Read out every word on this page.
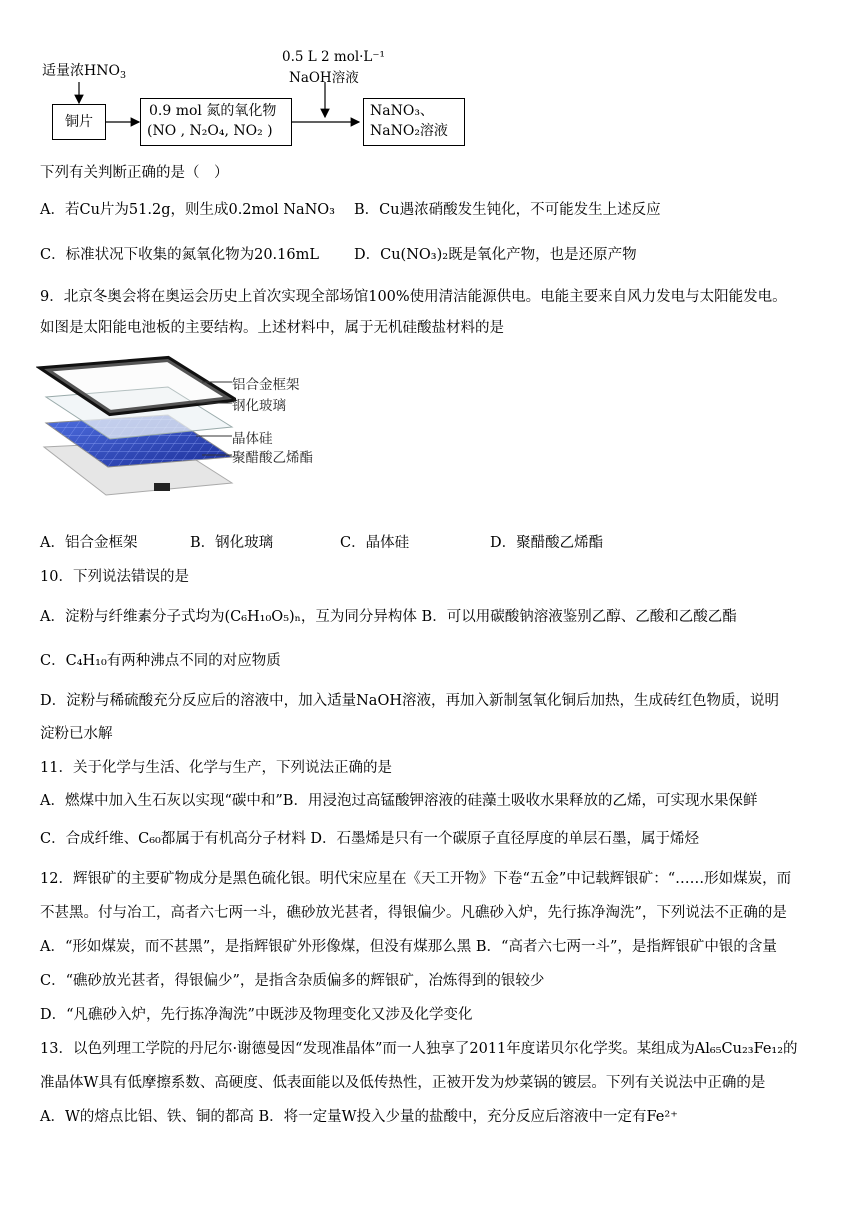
适量浓$HNO_3$
铜片
0.9 mol 氮的氧化物
(NO , N₂O₄, NO₂ )
0.5 L 2 mol·L⁻¹
NaOH溶液
NaNO₃、
NaNO₂溶液
下列有关判断正确的是（　）
A．若Cu片为51.2g，则生成0.2mol NaNO₃ B．Cu遇浓硝酸发生钝化，不可能发生上述反应
C．标准状况下收集的氮氧化物为20.16mL D．Cu(NO₃)₂既是氧化产物，也是还原产物
9．北京冬奥会将在奥运会历史上首次实现全部场馆100%使用清洁能源供电。电能主要来自风力发电与太阳能发电。
如图是太阳能电池板的主要结构。上述材料中，属于无机硅酸盐材料的是
铝合金框架
钢化玻璃
晶体硅
聚醋酸乙烯酯
A．铝合金框架	B．钢化玻璃	C．晶体硅	D．聚醋酸乙烯酯
10．下列说法错误的是
A．淀粉与纤维素分子式均为(C₆H₁₀O₅)ₙ，互为同分异构体 B．可以用碳酸钠溶液鉴别乙醇、乙酸和乙酸乙酯
C．C₄H₁₀有两种沸点不同的对应物质
D．淀粉与稀硫酸充分反应后的溶液中，加入适量NaOH溶液，再加入新制氢氧化铜后加热，生成砖红色物质，说明
淀粉已水解
11．关于化学与生活、化学与生产，下列说法正确的是
A．燃煤中加入生石灰以实现“碳中和”B．用浸泡过高锰酸钾溶液的硅藻土吸收水果释放的乙烯，可实现水果保鲜
C．合成纤维、C₆₀都属于有机高分子材料 D．石墨烯是只有一个碳原子直径厚度的单层石墨，属于烯烃
12．辉银矿的主要矿物成分是黑色硫化银。明代宋应星在《天工开物》下卷“五金”中记载辉银矿：“……形如煤炭，而
不甚黑。付与冶工，高者六七两一斗，礁砂放光甚者，得银偏少。凡礁砂入炉，先行拣净淘洗”，下列说法不正确的是
A．“形如煤炭，而不甚黑”，是指辉银矿外形像煤，但没有煤那么黑 B．“高者六七两一斗”，是指辉银矿中银的含量
C．“礁砂放光甚者，得银偏少”，是指含杂质偏多的辉银矿，冶炼得到的银较少
D．“凡礁砂入炉，先行拣净淘洗”中既涉及物理变化又涉及化学变化
13．以色列理工学院的丹尼尔·谢德曼因“发现准晶体”而一人独享了2011年度诺贝尔化学奖。某组成为Al₆₅Cu₂₃Fe₁₂的
准晶体W具有低摩擦系数、高硬度、低表面能以及低传热性，正被开发为炒菜锅的镀层。下列有关说法中正确的是
A．W的熔点比铝、铁、铜的都高 B．将一定量W投入少量的盐酸中，充分反应后溶液中一定有Fe²⁺
